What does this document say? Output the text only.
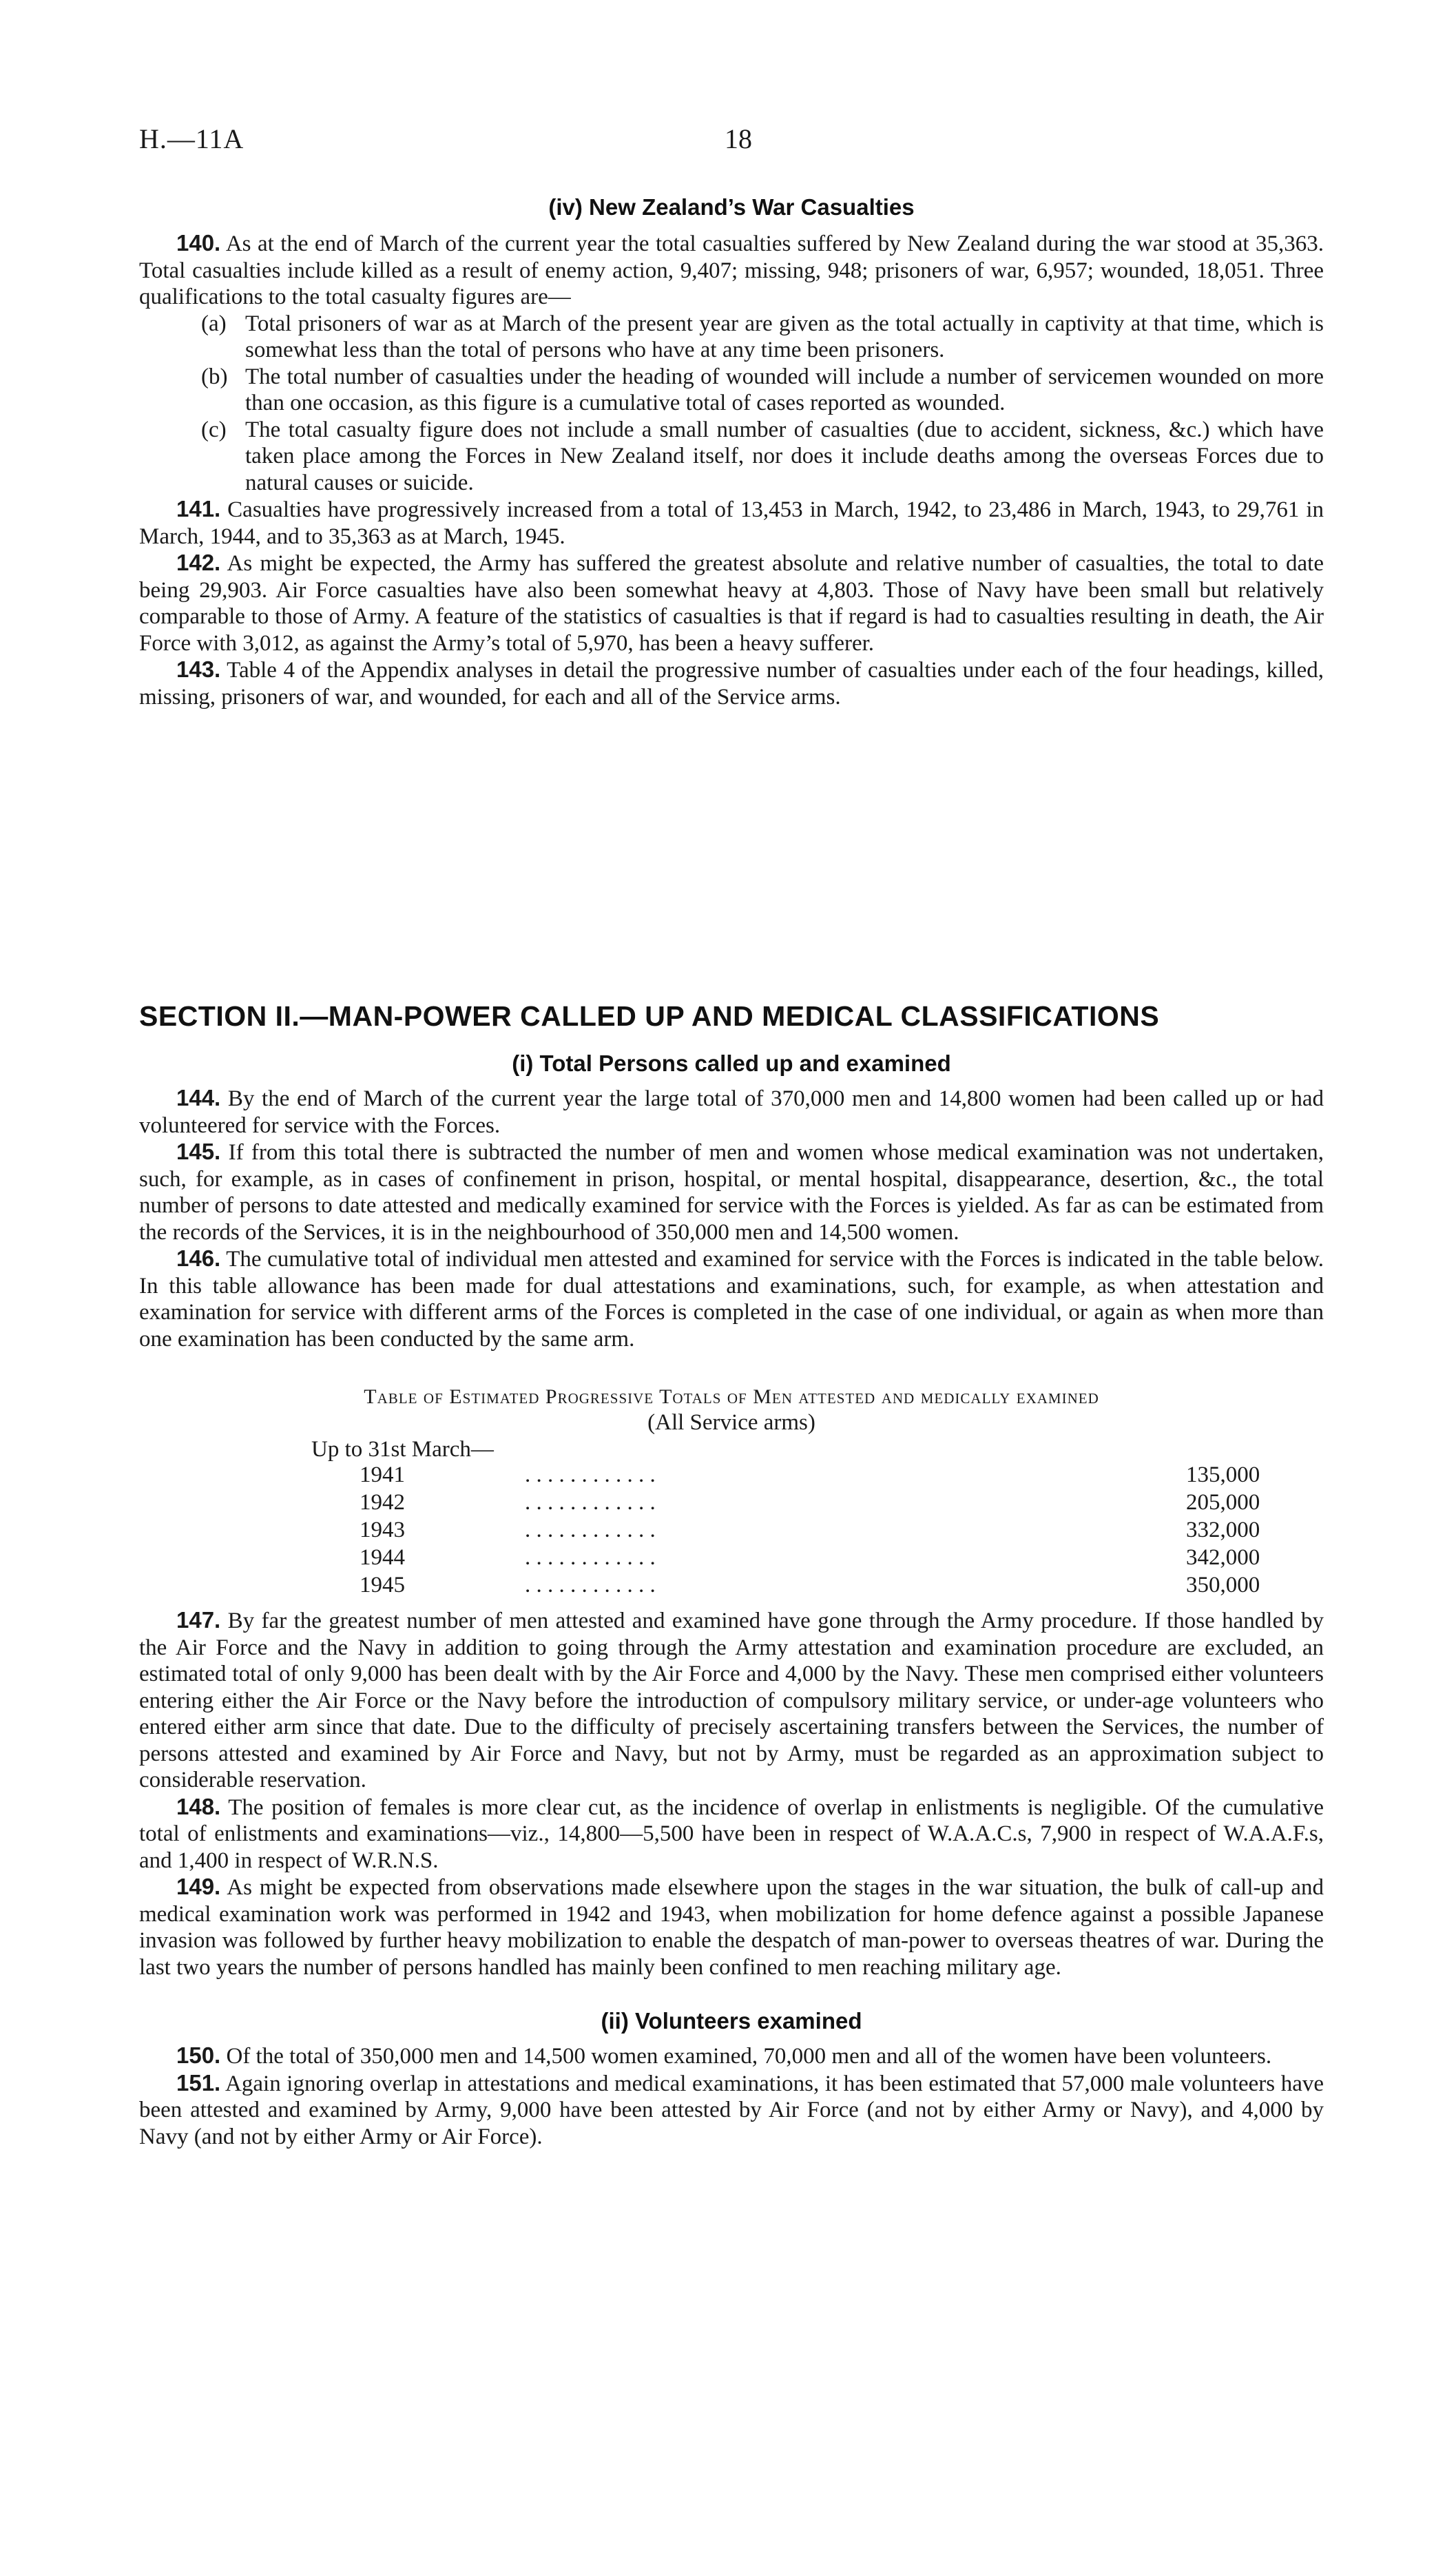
H.—11A	18
(iv) New Zealand’s War Casualties

140. As at the end of March of the current year the total casualties suffered by New Zealand during the war stood at 35,363. Total casualties include killed as a result of enemy action, 9,407; missing, 948; prisoners of war, 6,957; wounded, 18,051. Three qualifications to the total casualty figures are—

(a) Total prisoners of war as at March of the present year are given as the total actually in captivity at that time, which is somewhat less than the total of persons who have at any time been prisoners.
(b) The total number of casualties under the heading of wounded will include a number of servicemen wounded on more than one occasion, as this figure is a cumulative total of cases reported as wounded.
(c) The total casualty figure does not include a small number of casualties (due to accident, sickness, &c.) which have taken place among the Forces in New Zealand itself, nor does it include deaths among the overseas Forces due to natural causes or suicide.

141. Casualties have progressively increased from a total of 13,453 in March, 1942, to 23,486 in March, 1943, to 29,761 in March, 1944, and to 35,363 as at March, 1945.

142. As might be expected, the Army has suffered the greatest absolute and relative number of casualties, the total to date being 29,903. Air Force casualties have also been somewhat heavy at 4,803. Those of Navy have been small but relatively comparable to those of Army. A feature of the statistics of casualties is that if regard is had to casualties resulting in death, the Air Force with 3,012, as against the Army’s total of 5,970, has been a heavy sufferer.

143. Table 4 of the Appendix analyses in detail the progressive number of casualties under each of the four headings, killed, missing, prisoners of war, and wounded, for each and all of the Service arms.

SECTION II.—MAN-POWER CALLED UP AND MEDICAL CLASSIFICATIONS
(i) Total Persons called up and examined

144. By the end of March of the current year the large total of 370,000 men and 14,800 women had been called up or had volunteered for service with the Forces.

145. If from this total there is subtracted the number of men and women whose medical examination was not undertaken, such, for example, as in cases of confinement in prison, hospital, or mental hospital, disappearance, desertion, &c., the total number of persons to date attested and medically examined for service with the Forces is yielded. As far as can be estimated from the records of the Services, it is in the neighbourhood of 350,000 men and 14,500 women.

146. The cumulative total of individual men attested and examined for service with the Forces is indicated in the table below. In this table allowance has been made for dual attestations and examinations, such, for example, as when attestation and examination for service with different arms of the Forces is completed in the case of one individual, or again as when more than one examination has been conducted by the same arm.

Table of Estimated Progressive Totals of Men attested and medically examined
(All Service arms)
Up to 31st March—
1941	. . . . . . . . . . . .	135,000
1942	. . . . . . . . . . . .	205,000
1943	. . . . . . . . . . . .	332,000
1944	. . . . . . . . . . . .	342,000
1945	. . . . . . . . . . . .	350,000

147. By far the greatest number of men attested and examined have gone through the Army procedure. If those handled by the Air Force and the Navy in addition to going through the Army attestation and examination procedure are excluded, an estimated total of only 9,000 has been dealt with by the Air Force and 4,000 by the Navy. These men comprised either volunteers entering either the Air Force or the Navy before the introduction of compulsory military service, or under-age volunteers who entered either arm since that date. Due to the difficulty of precisely ascertaining transfers between the Services, the number of persons attested and examined by Air Force and Navy, but not by Army, must be regarded as an approximation subject to considerable reservation.

148. The position of females is more clear cut, as the incidence of overlap in enlistments is negligible. Of the cumulative total of enlistments and examinations—viz., 14,800—5,500 have been in respect of W.A.A.C.s, 7,900 in respect of W.A.A.F.s, and 1,400 in respect of W.R.N.S.

149. As might be expected from observations made elsewhere upon the stages in the war situation, the bulk of call-up and medical examination work was performed in 1942 and 1943, when mobilization for home defence against a possible Japanese invasion was followed by further heavy mobilization to enable the despatch of man-power to overseas theatres of war. During the last two years the number of persons handled has mainly been confined to men reaching military age.

(ii) Volunteers examined

150. Of the total of 350,000 men and 14,500 women examined, 70,000 men and all of the women have been volunteers.

151. Again ignoring overlap in attestations and medical examinations, it has been estimated that 57,000 male volunteers have been attested and examined by Army, 9,000 have been attested by Air Force (and not by either Army or Navy), and 4,000 by Navy (and not by either Army or Air Force).
